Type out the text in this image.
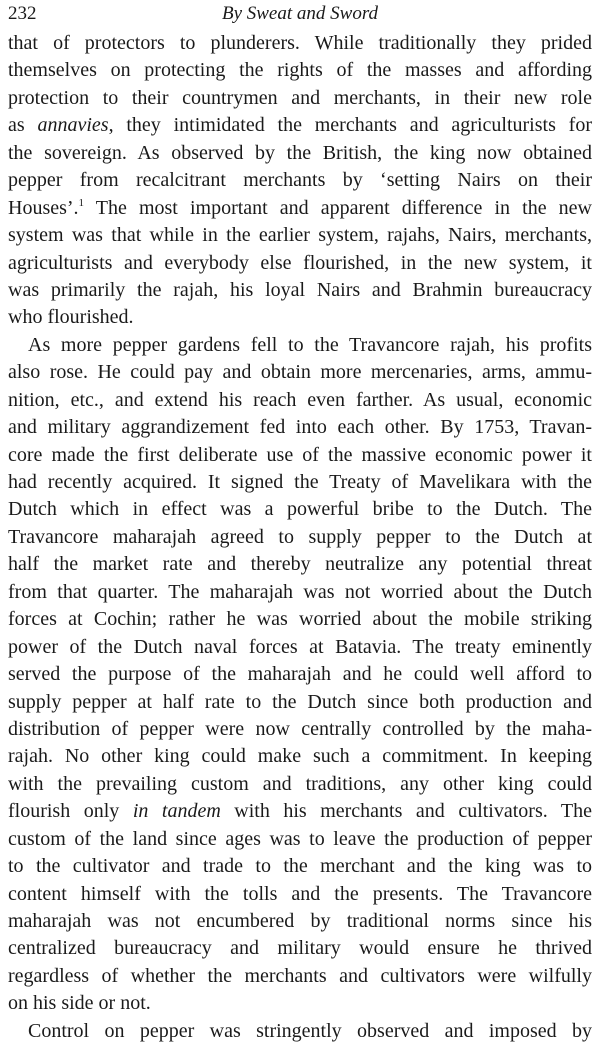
232	By Sweat and Sword
that of protectors to plunderers. While traditionally they prided
themselves on protecting the rights of the masses and affording
protection to their countrymen and merchants, in their new role
as annavies, they intimidated the merchants and agriculturists for
the sovereign. As observed by the British, the king now obtained
pepper from recalcitrant merchants by ‘setting Nairs on their
Houses’.$^1$ The most important and apparent difference in the new
system was that while in the earlier system, rajahs, Nairs, merchants,
agriculturists and everybody else flourished, in the new system, it
was primarily the rajah, his loyal Nairs and Brahmin bureaucracy
who flourished.
As more pepper gardens fell to the Travancore rajah, his profits
also rose. He could pay and obtain more mercenaries, arms, ammu-
nition, etc., and extend his reach even farther. As usual, economic
and military aggrandizement fed into each other. By 1753, Travan-
core made the first deliberate use of the massive economic power it
had recently acquired. It signed the Treaty of Mavelikara with the
Dutch which in effect was a powerful bribe to the Dutch. The
Travancore maharajah agreed to supply pepper to the Dutch at
half the market rate and thereby neutralize any potential threat
from that quarter. The maharajah was not worried about the Dutch
forces at Cochin; rather he was worried about the mobile striking
power of the Dutch naval forces at Batavia. The treaty eminently
served the purpose of the maharajah and he could well afford to
supply pepper at half rate to the Dutch since both production and
distribution of pepper were now centrally controlled by the maha-
rajah. No other king could make such a commitment. In keeping
with the prevailing custom and traditions, any other king could
flourish only in tandem with his merchants and cultivators. The
custom of the land since ages was to leave the production of pepper
to the cultivator and trade to the merchant and the king was to
content himself with the tolls and the presents. The Travancore
maharajah was not encumbered by traditional norms since his
centralized bureaucracy and military would ensure he thrived
regardless of whether the merchants and cultivators were wilfully
on his side or not.
Control on pepper was stringently observed and imposed by
